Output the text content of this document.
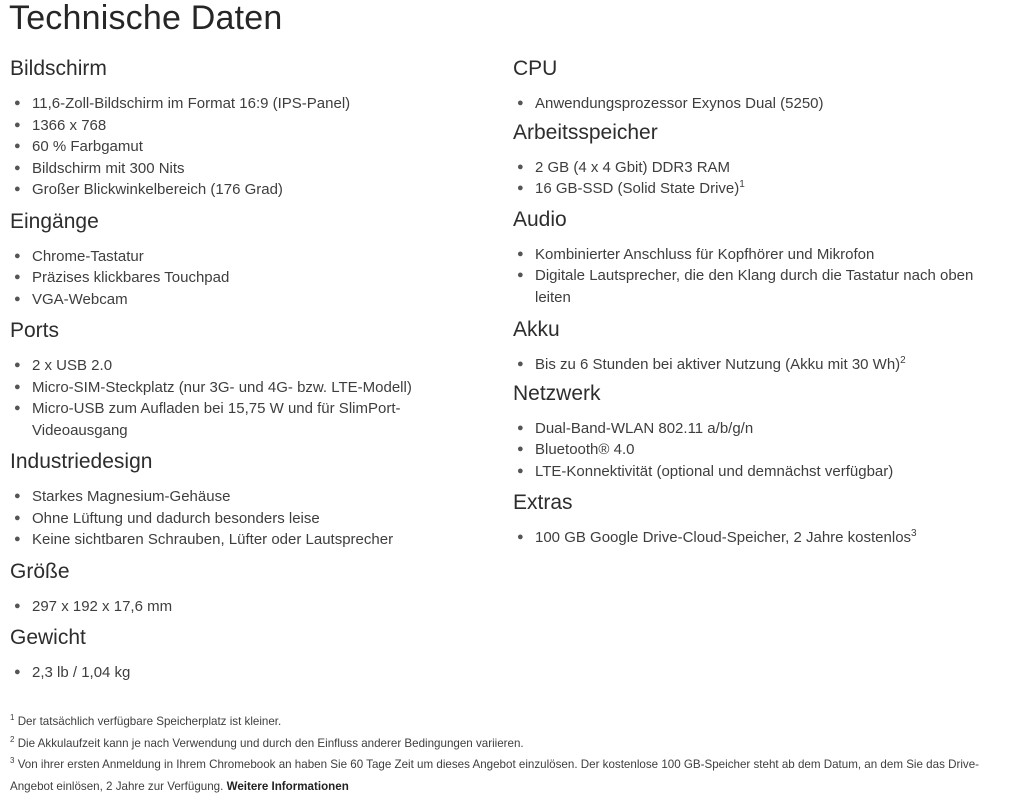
Technische Daten
Bildschirm
● 11,6-Zoll-Bildschirm im Format 16:9 (IPS-Panel)
● 1366 x 768
● 60 % Farbgamut
● Bildschirm mit 300 Nits
● Großer Blickwinkelbereich (176 Grad)
Eingänge
● Chrome-Tastatur
● Präzises klickbares Touchpad
● VGA-Webcam
Ports
● 2 x USB 2.0
● Micro-SIM-Steckplatz (nur 3G- und 4G- bzw. LTE-Modell)
● Micro-USB zum Aufladen bei 15,75 W und für SlimPort-Videoausgang
Industriedesign
● Starkes Magnesium-Gehäuse
● Ohne Lüftung und dadurch besonders leise
● Keine sichtbaren Schrauben, Lüfter oder Lautsprecher
Größe
● 297 x 192 x 17,6 mm
Gewicht
● 2,3 lb / 1,04 kg
CPU
● Anwendungsprozessor Exynos Dual (5250)
Arbeitsspeicher
● 2 GB (4 x 4 Gbit) DDR3 RAM
● 16 GB-SSD (Solid State Drive)$^1$
Audio
● Kombinierter Anschluss für Kopfhörer und Mikrofon
● Digitale Lautsprecher, die den Klang durch die Tastatur nach oben leiten
Akku
● Bis zu 6 Stunden bei aktiver Nutzung (Akku mit 30 Wh)$^2$
Netzwerk
● Dual-Band-WLAN 802.11 a/b/g/n
● Bluetooth® 4.0
● LTE-Konnektivität (optional und demnächst verfügbar)
Extras
● 100 GB Google Drive-Cloud-Speicher, 2 Jahre kostenlos$^3$

$^1$ Der tatsächlich verfügbare Speicherplatz ist kleiner.

$^2$ Die Akkulaufzeit kann je nach Verwendung und durch den Einfluss anderer Bedingungen variieren.

$^3$ Von ihrer ersten Anmeldung in Ihrem Chromebook an haben Sie 60 Tage Zeit um dieses Angebot einzulösen. Der kostenlose 100 GB-Speicher steht ab dem Datum, an dem Sie das Drive-Angebot einlösen, 2 Jahre zur Verfügung. Weitere Informationen
